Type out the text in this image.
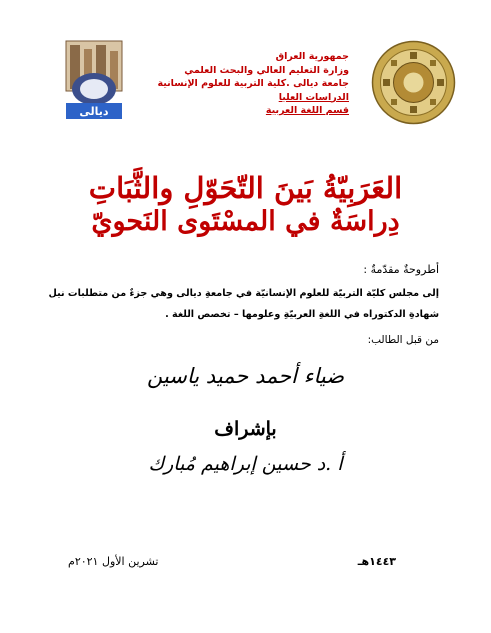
ديالى
جمهورية العراق
وزارة التعليم العالي والبحث العلمي
جامعة ديالى .كلية التربية للعلوم الإنسانية
الدراسات العليا
قسم اللغة العربية
العَرَبِيّةُ بَينَ التّحَوّلِ والثَّبَاتِ
دِراسَةٌ في المسْتَوى النَحويّ
أطروحةٌ مقدّمةٌ :
إلى مجلس كليّة التربيّة للعلوم الإنسانيّة في جامعةِ ديالى وهي جزءٌ من متطلبات نيل
شهادةِ الدكتوراه في اللغةِ العربيّةِ وعلومها – تخصص اللغة .
من قبل الطالب:
ضياء أحمد حميد ياسين
بإشراف
أ .د حسين إبراهيم مُبارك
١٤٤٣هـ
تشرين الأول ٢٠٢١م
